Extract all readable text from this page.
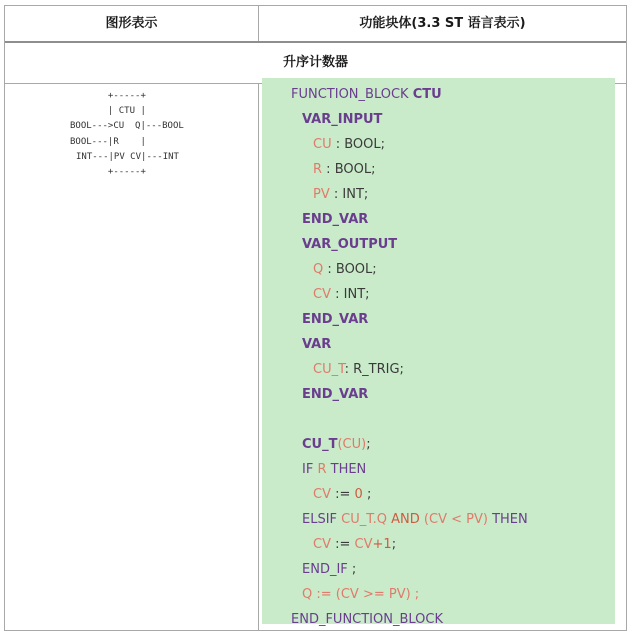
图形表示	功能块体(3.3 ST 语言表示)
升序计数器
+-----+
| CTU |
BOOL--->CU  Q|---BOOL
BOOL---|R    |
INT---|PV CV|---INT
+-----+
FUNCTION_BLOCK CTU
VAR_INPUT
CU : BOOL;
R : BOOL;
PV : INT;
END_VAR
VAR_OUTPUT
Q : BOOL;
CV : INT;
END_VAR
VAR
CU_T: R_TRIG;
END_VAR
CU_T(CU);
IF R THEN
CV := 0 ;
ELSIF CU_T.Q AND (CV < PV) THEN
CV := CV+1;
END_IF ;
Q := (CV >= PV) ;
END_FUNCTION_BLOCK
